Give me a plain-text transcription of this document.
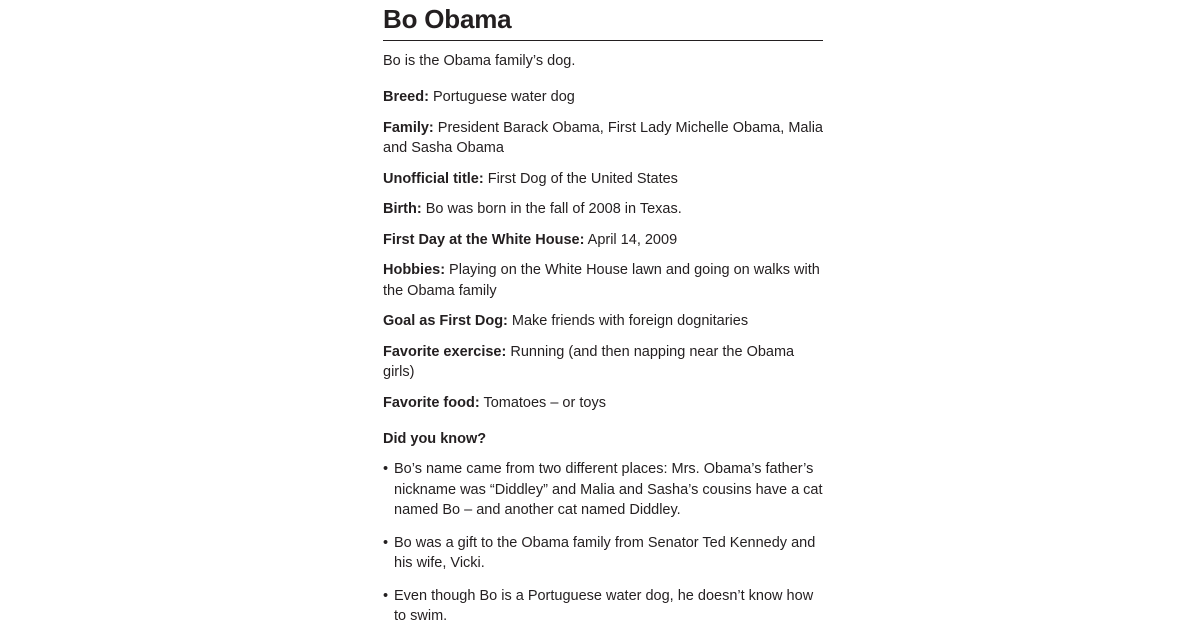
Bo Obama

Bo is the Obama family’s dog.

Breed: Portuguese water dog

Family: President Barack Obama, First Lady Michelle Obama, Malia and Sasha Obama

Unofficial title: First Dog of the United States

Birth: Bo was born in the fall of 2008 in Texas.

First Day at the White House: April 14, 2009

Hobbies: Playing on the White House lawn and going on walks with the Obama family

Goal as First Dog: Make friends with foreign dognitaries

Favorite exercise: Running (and then napping near the Obama girls)

Favorite food: Tomatoes – or toys

Did you know?

• Bo’s name came from two different places: Mrs. Obama’s father’s nickname was “Diddley” and Malia and Sasha’s cousins have a cat named Bo – and another cat named Diddley.
• Bo was a gift to the Obama family from Senator Ted Kennedy and his wife, Vicki.
• Even though Bo is a Portuguese water dog, he doesn’t know how to swim.
